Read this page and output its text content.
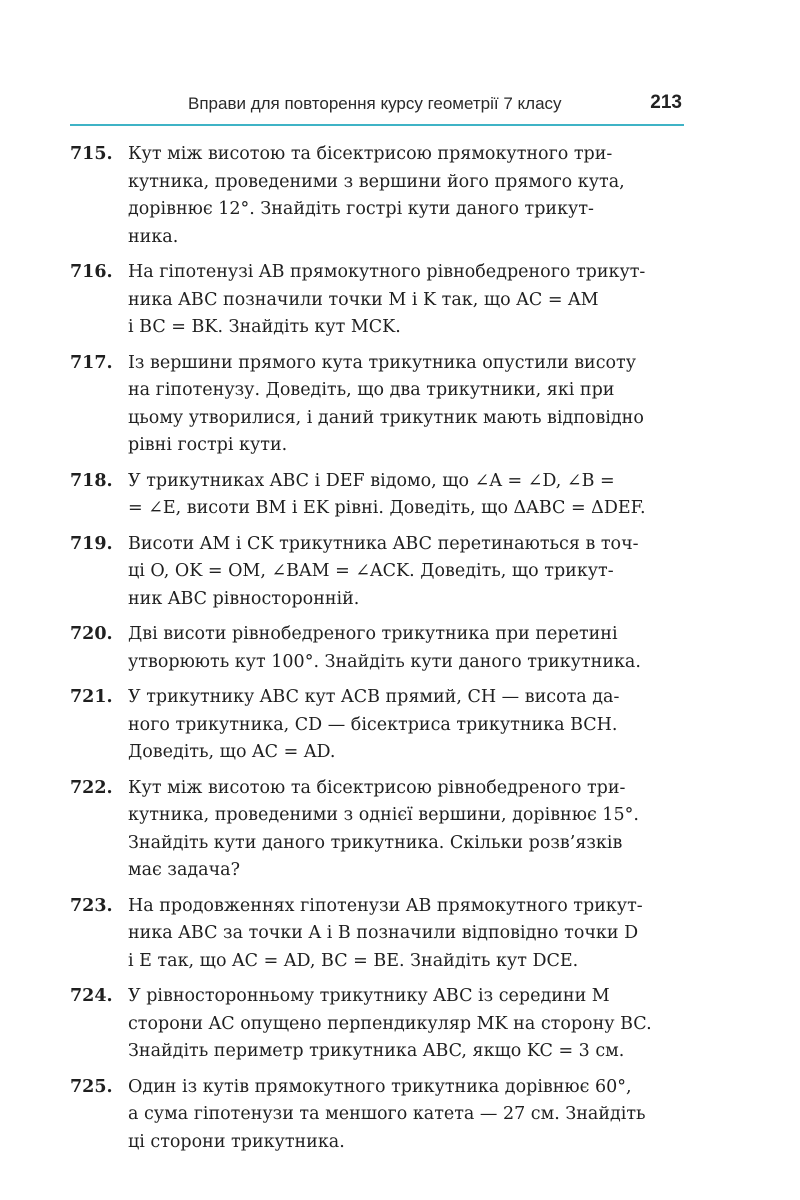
Вправи для повторення курсу геометрії 7 класу	213
715. Кут між висотою та бісектрисою прямокутного три-
кутника, проведеними з вершини його прямого кута,
дорівнює 12°. Знайдіть гострі кути даного трикут-
ника.
716. На гіпотенузі AB прямокутного рівнобедреного трикут-
ника ABC позначили точки M і K так, що AC = AM
і BC = BK. Знайдіть кут MCK.
717. Із вершини прямого кута трикутника опустили висоту
на гіпотенузу. Доведіть, що два трикутники, які при
цьому утворилися, і даний трикутник мають відповідно
рівні гострі кути.
718. У трикутниках ABC і DEF відомо, що ∠A = ∠D, ∠B =
= ∠E, висоти BM і EK рівні. Доведіть, що ΔABC = ΔDEF.
719. Висоти AM і CK трикутника ABC перетинаються в точ-
ці O, OK = OM, ∠BAM = ∠ACK. Доведіть, що трикут-
ник ABC рівносторонній.
720. Дві висоти рівнобедреного трикутника при перетині
утворюють кут 100°. Знайдіть кути даного трикутника.
721. У трикутнику ABC кут ACB прямий, CH — висота да-
ного трикутника, CD — бісектриса трикутника BCH.
Доведіть, що AC = AD.
722. Кут між висотою та бісектрисою рівнобедреного три-
кутника, проведеними з однієї вершини, дорівнює 15°.
Знайдіть кути даного трикутника. Скільки розв’язків
має задача?
723. На продовженнях гіпотенузи AB прямокутного трикут-
ника ABC за точки A і B позначили відповідно точки D
і E так, що AC = AD, BC = BE. Знайдіть кут DCE.
724. У рівносторонньому трикутнику ABC із середини M
сторони AC опущено перпендикуляр MK на сторону BC.
Знайдіть периметр трикутника ABC, якщо KC = 3 см.
725. Один із кутів прямокутного трикутника дорівнює 60°,
а сума гіпотенузи та меншого катета — 27 см. Знайдіть
ці сторони трикутника.
